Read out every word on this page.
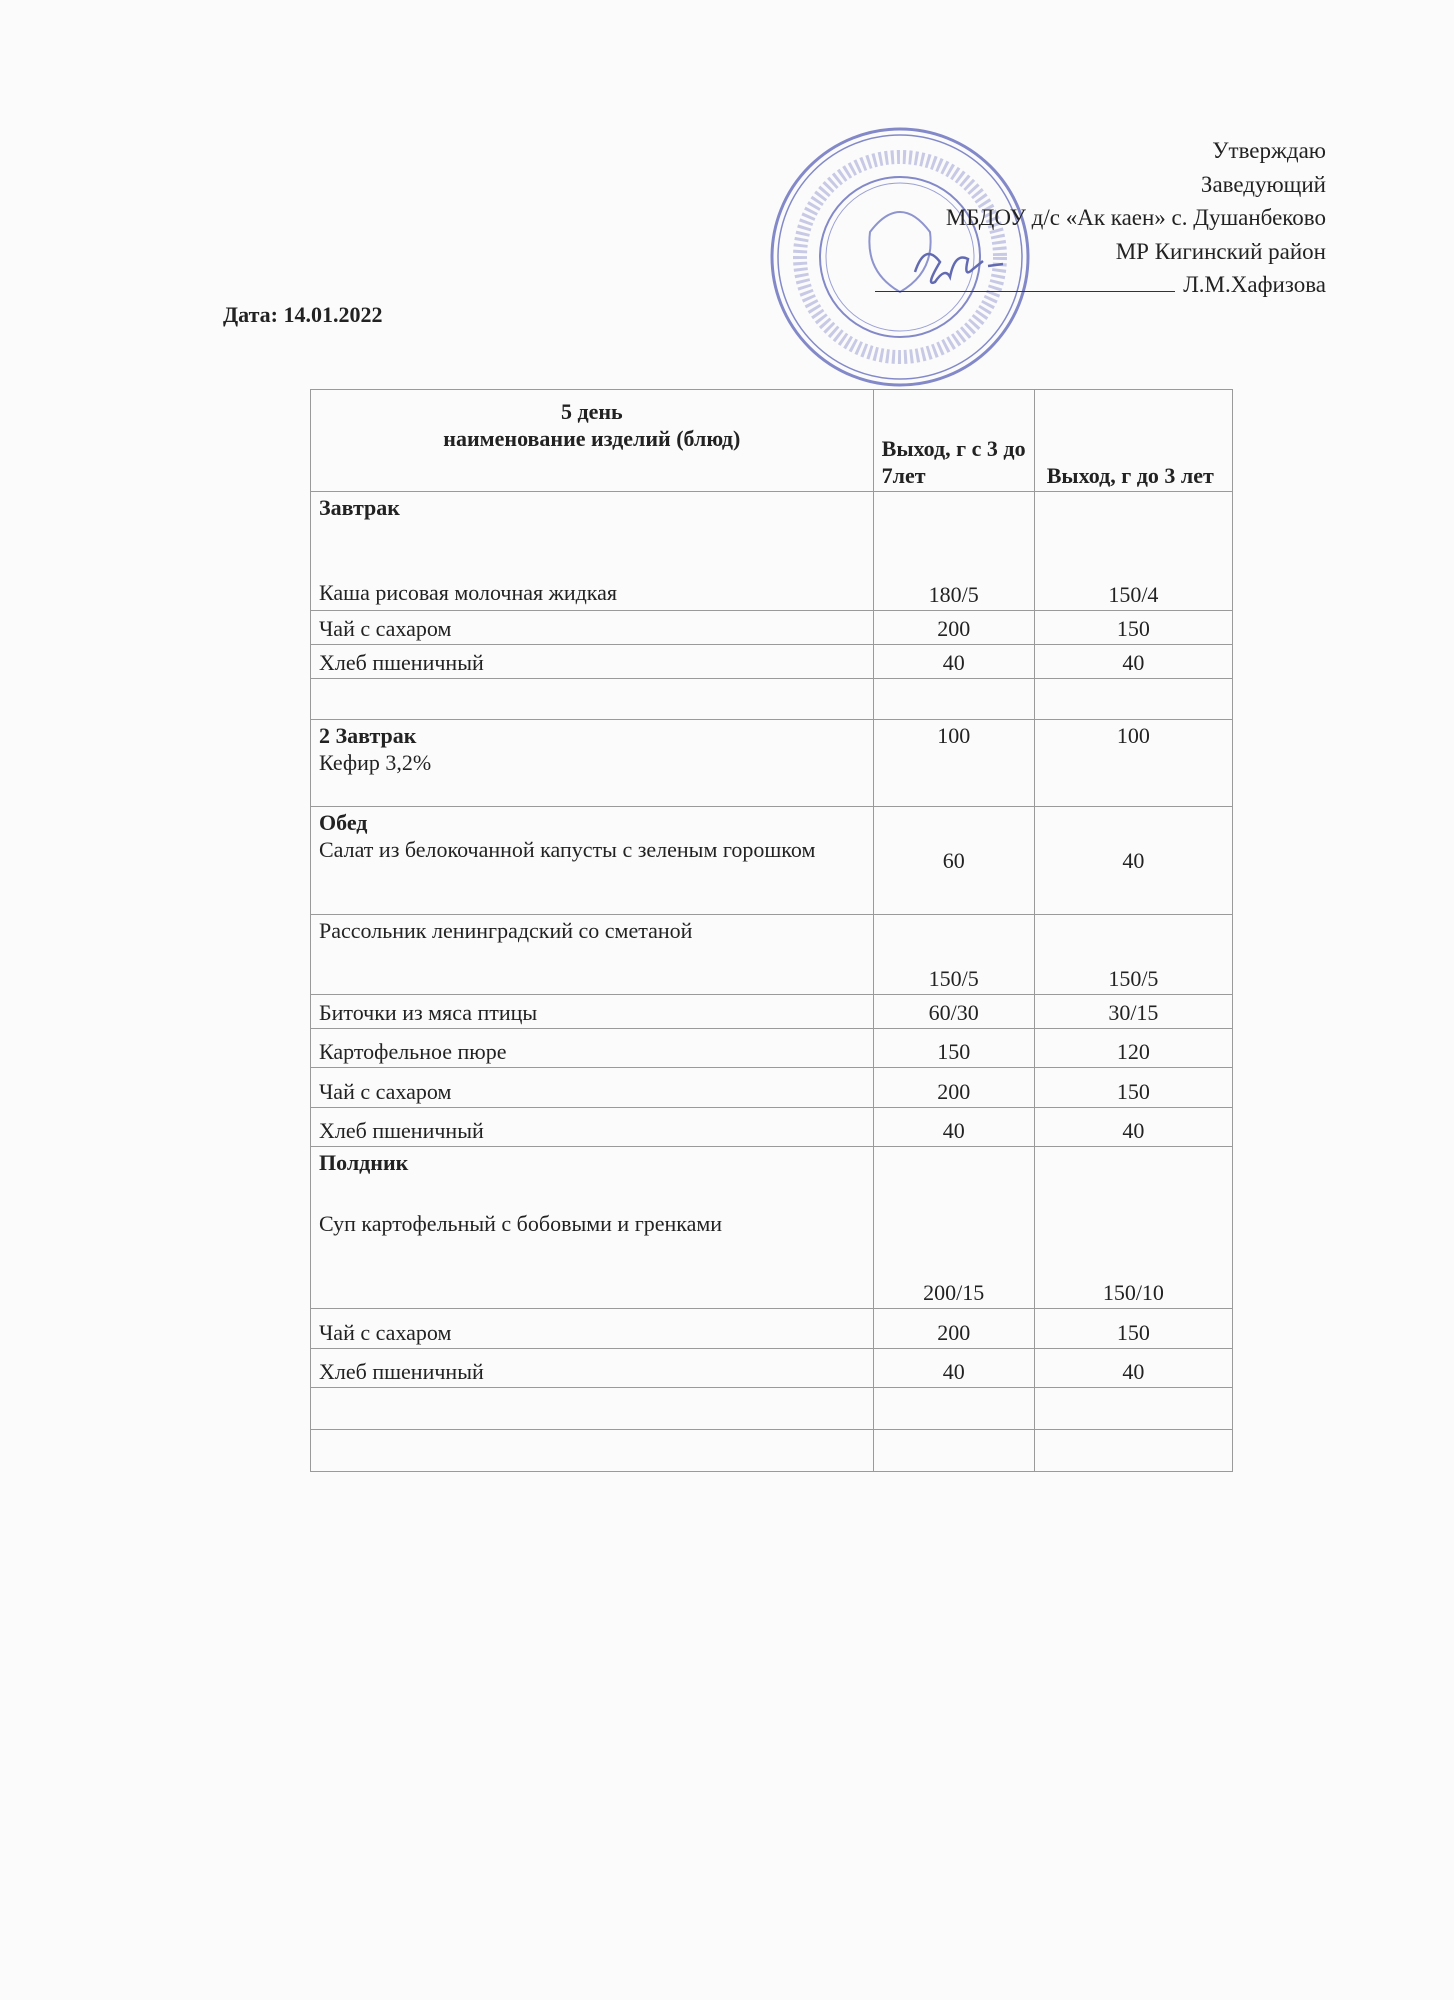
Утверждаю
Заведующий
МБДОУ д/с «Ак каен» с. Душанбеково
МР Кигинский район
Л.М.Хафизова
Дата: 14.01.2022
5 день
наименование изделий (блюд)	Выход, г с 3 до 7лет	Выход, г до 3 лет

Завтрак
Каша рисовая молочная жидкая	180/5	150/4

Чай с сахаром	200	150

Хлеб пшеничный	40	40

2 Завтрак
Кефир 3,2%	100	100

Обед
Салат из белокочанной капусты с зеленым горошком	60	40

Рассольник ленинградский со сметаной	150/5	150/5

Биточки из мяса птицы	60/30	30/15

Картофельное пюре	150	120

Чай с сахаром	200	150

Хлеб пшеничный	40	40

Полдник
Суп картофельный с бобовыми и гренками	200/15	150/10

Чай с сахаром	200	150

Хлеб пшеничный	40	40
